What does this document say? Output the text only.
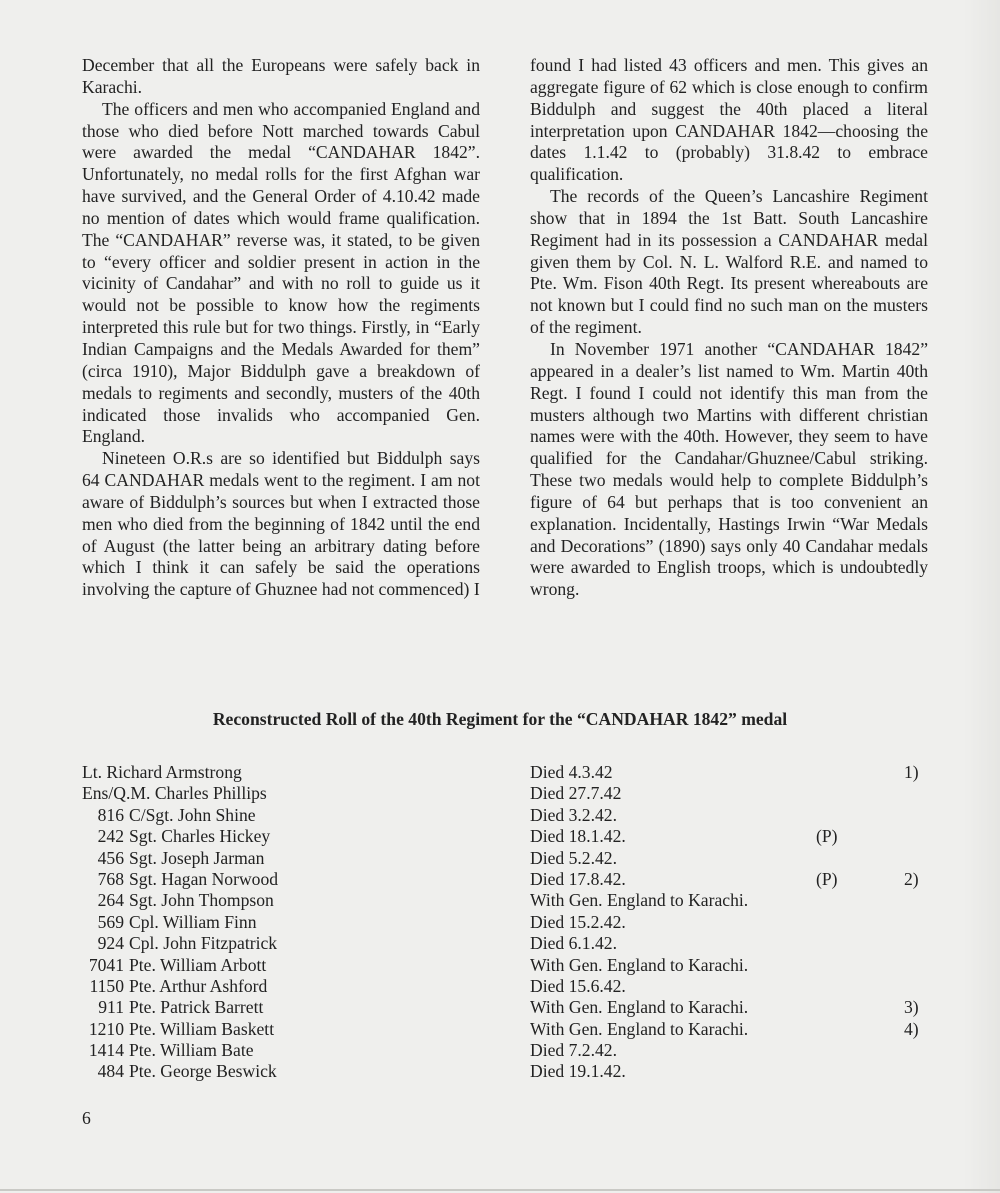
December that all the Europeans were safely back in Karachi.

The officers and men who accompanied England and those who died before Nott marched towards Cabul were awarded the medal “CANDAHAR 1842”. Unfortunately, no medal rolls for the first Afghan war have survived, and the General Order of 4.10.42 made no mention of dates which would frame qualification. The “CANDAHAR” reverse was, it stated, to be given to “every officer and soldier present in action in the vicinity of Candahar” and with no roll to guide us it would not be possible to know how the regiments interpreted this rule but for two things. Firstly, in “Early Indian Campaigns and the Medals Awarded for them” (circa 1910), Major Biddulph gave a breakdown of medals to regiments and secondly, musters of the 40th indicated those invalids who accompanied Gen. England.

Nineteen O.R.s are so identified but Biddulph says 64 CANDAHAR medals went to the regiment. I am not aware of Biddulph’s sources but when I extracted those men who died from the beginning of 1842 until the end of August (the latter being an arbitrary dating before which I think it can safely be said the operations involving the capture of Ghuznee had not commenced) I

found I had listed 43 officers and men. This gives an aggregate figure of 62 which is close enough to confirm Biddulph and suggest the 40th placed a literal interpretation upon CANDAHAR 1842—choosing the dates 1.1.42 to (probably) 31.8.42 to embrace qualification.

The records of the Queen’s Lancashire Regiment show that in 1894 the 1st Batt. South Lancashire Regiment had in its possession a CANDAHAR medal given them by Col. N. L. Walford R.E. and named to Pte. Wm. Fison 40th Regt. Its present whereabouts are not known but I could find no such man on the musters of the regiment.

In November 1971 another “CANDAHAR 1842” appeared in a dealer’s list named to Wm. Martin 40th Regt. I found I could not identify this man from the musters although two Martins with different christian names were with the 40th. However, they seem to have qualified for the Candahar/Ghuznee/Cabul striking. These two medals would help to complete Biddulph’s figure of 64 but perhaps that is too convenient an explanation. Incidentally, Hastings Irwin “War Medals and Decorations” (1890) says only 40 Candahar medals were awarded to English troops, which is undoubtedly wrong.

Reconstructed Roll of the 40th Regiment for the “CANDAHAR 1842” medal
Lt. Richard Armstrong	Died 4.3.42	1)
Ens/Q.M. Charles Phillips	Died 27.7.42
816 C/Sgt. John Shine	Died 3.2.42.
242 Sgt. Charles Hickey	Died 18.1.42.	(P)
456 Sgt. Joseph Jarman	Died 5.2.42.
768 Sgt. Hagan Norwood	Died 17.8.42.	(P)	2)
264 Sgt. John Thompson	With Gen. England to Karachi.
569 Cpl. William Finn	Died 15.2.42.
924 Cpl. John Fitzpatrick	Died 6.1.42.
7041 Pte. William Arbott	With Gen. England to Karachi.
1150 Pte. Arthur Ashford	Died 15.6.42.
911 Pte. Patrick Barrett	With Gen. England to Karachi.	3)
1210 Pte. William Baskett	With Gen. England to Karachi.	4)
1414 Pte. William Bate	Died 7.2.42.
484 Pte. George Beswick	Died 19.1.42.
6
